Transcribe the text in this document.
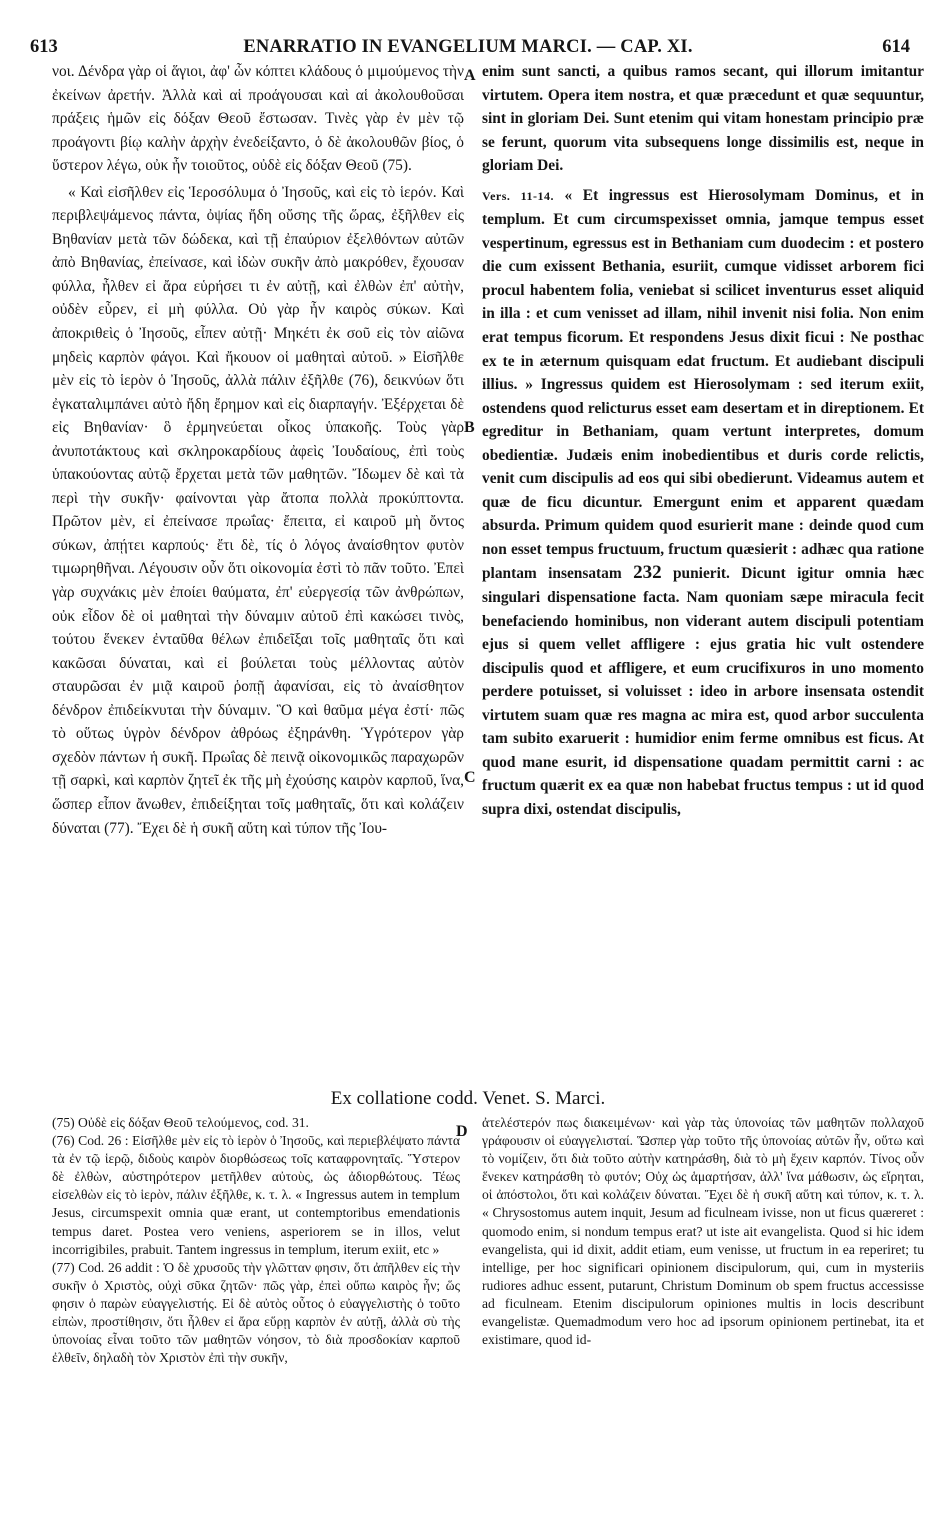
613	ENARRATIO IN EVANGELIUM MARCI. — CAP. XI.	614

νοι. Δένδρα γὰρ οἱ ἅγιοι, ἀφ' ὧν κόπτει κλάδους ὁ μιμούμενος τὴν ἐκείνων ἀρετήν. Ἀλλὰ καὶ αἱ προάγουσαι καὶ αἱ ἀκολουθοῦσαι πράξεις ἡμῶν εἰς δόξαν Θεοῦ ἔστωσαν. Τινὲς γὰρ ἐν μὲν τῷ προάγοντι βίῳ καλὴν ἀρχὴν ἐνεδείξαντο, ὁ δὲ ἀκολουθῶν βίος, ὁ ὕστερον λέγω, οὐκ ἦν τοιοῦτος, οὐδὲ εἰς δόξαν Θεοῦ (75).

« Καὶ εἰσῆλθεν εἰς Ἱεροσόλυμα ὁ Ἰησοῦς, καὶ εἰς τὸ ἱερόν. Καὶ περιβλεψάμενος πάντα, ὀψίας ἤδη οὔσης τῆς ὥρας, ἐξῆλθεν εἰς Βηθανίαν μετὰ τῶν δώδεκα, καὶ τῇ ἐπαύριον ἐξελθόντων αὐτῶν ἀπὸ Βηθανίας, ἐπείνασε, καὶ ἰδὼν συκῆν ἀπὸ μακρόθεν, ἔχουσαν φύλλα, ἦλθεν εἰ ἄρα εὑρήσει τι ἐν αὐτῇ, καὶ ἐλθὼν ἐπ' αὐτὴν, οὐδὲν εὗρεν, εἰ μὴ φύλλα. Οὐ γὰρ ἦν καιρὸς σύκων. Καὶ ἀποκριθεὶς ὁ Ἰησοῦς, εἶπεν αὐτῇ· Μηκέτι ἐκ σοῦ εἰς τὸν αἰῶνα μηδεὶς καρπὸν φάγοι. Καὶ ἤκουον οἱ μαθηταὶ αὐτοῦ. » Εἰσῆλθε μὲν εἰς τὸ ἱερὸν ὁ Ἰησοῦς, ἀλλὰ πάλιν ἐξῆλθε (76), δεικνύων ὅτι ἐγκαταλιμπάνει αὐτὸ ἤδη ἔρημον καὶ εἰς διαρπαγήν. Ἐξέρχεται δὲ εἰς Βηθανίαν· ὃ ἑρμηνεύεται οἶκος ὑπακοῆς. Τοὺς γὰρ ἀνυποτάκτους καὶ σκληροκαρδίους ἀφεὶς Ἰουδαίους, ἐπὶ τοὺς ὑπακούοντας αὐτῷ ἔρχεται μετὰ τῶν μαθητῶν. Ἴδωμεν δὲ καὶ τὰ περὶ τὴν συκῆν· φαίνονται γὰρ ἄτοπα πολλὰ προκύπτοντα. Πρῶτον μὲν, εἰ ἐπείνασε πρωΐας· ἔπειτα, εἰ καιροῦ μὴ ὄντος σύκων, ἀπῄτει καρπούς· ἔτι δὲ, τίς ὁ λόγος ἀναίσθητον φυτὸν τιμωρηθῆναι. Λέγουσιν οὖν ὅτι οἰκονομία ἐστὶ τὸ πᾶν τοῦτο. Ἐπεὶ γὰρ συχνάκις μὲν ἐποίει θαύματα, ἐπ' εὐεργεσίᾳ τῶν ἀνθρώπων, οὐκ εἶδον δὲ οἱ μαθηταὶ τὴν δύναμιν αὐτοῦ ἐπὶ κακώσει τινὸς, τούτου ἕνεκεν ἐνταῦθα θέλων ἐπιδεῖξαι τοῖς μαθηταῖς ὅτι καὶ κακῶσαι δύναται, καὶ εἰ βούλεται τοὺς μέλλοντας αὐτὸν σταυρῶσαι ἐν μιᾷ καιροῦ ῥοπῇ ἀφανίσαι, εἰς τὸ ἀναίσθητον δένδρον ἐπιδείκνυται τὴν δύναμιν. Ὃ καὶ θαῦμα μέγα ἐστί· πῶς τὸ οὕτως ὑγρὸν δένδρον ἀθρόως ἐξηράνθη. Ὑγρότερον γὰρ σχεδὸν πάντων ἡ συκῆ. Πρωΐας δὲ πεινᾷ οἰκονομικῶς παραχωρῶν τῇ σαρκὶ, καὶ καρπὸν ζητεῖ ἐκ τῆς μὴ ἐχούσης καιρὸν καρποῦ, ἵνα, ὥσπερ εἶπον ἄνωθεν, ἐπιδείξηται τοῖς μαθηταῖς, ὅτι καὶ κολάζειν δύναται (77). Ἔχει δὲ ἡ συκῆ αὕτη καὶ τύπον τῆς Ἰου-

enim sunt sancti, a quibus ramos secant, qui illorum imitantur virtutem. Opera item nostra, et quæ præcedunt et quæ sequuntur, sint in gloriam Dei. Sunt etenim qui vitam honestam principio præ se ferunt, quorum vita subsequens longe dissimilis est, neque in gloriam Dei.

Vers. 11-14. « Et ingressus est Hierosolymam Dominus, et in templum. Et cum circumspexisset omnia, jamque tempus esset vespertinum, egressus est in Bethaniam cum duodecim : et postero die cum exissent Bethania, esuriit, cumque vidisset arborem fici procul habentem folia, veniebat si scilicet inventurus esset aliquid in illa : et cum venisset ad illam, nihil invenit nisi folia. Non enim erat tempus ficorum. Et respondens Jesus dixit ficui : Ne posthac ex te in æternum quisquam edat fructum. Et audiebant discipuli illius. » Ingressus quidem est Hierosolymam : sed iterum exiit, ostendens quod relicturus esset eam desertam et in direptionem. Et egreditur in Bethaniam, quam vertunt interpretes, domum obedientiæ. Judæis enim inobedientibus et duris corde relictis, venit cum discipulis ad eos qui sibi obedierunt. Videamus autem et quæ de ficu dicuntur. Emergunt enim et apparent quædam absurda. Primum quidem quod esurierit mane : deinde quod cum non esset tempus fructuum, fructum quæsierit : adhæc qua ratione plantam insensatam 232 punierit. Dicunt igitur omnia hæc singulari dispensatione facta. Nam quoniam sæpe miracula fecit benefaciendo hominibus, non viderant autem discipuli potentiam ejus si quem vellet affligere : ejus gratia hic vult ostendere discipulis quod et affligere, et eum crucifixuros in uno momento perdere potuisset, si voluisset : ideo in arbore insensata ostendit virtutem suam quæ res magna ac mira est, quod arbor succulenta tam subito exaruerit : humidior enim ferme omnibus est ficus. At quod mane esurit, id dispensatione quadam permittit carni : ac fructum quærit ex ea quæ non habebat fructus tempus : ut id quod supra dixi, ostendat discipulis,

A
B
C
D
Ex collatione codd. Venet. S. Marci.

(75) Οὐδὲ εἰς δόξαν Θεοῦ τελούμενος, cod. 31.

(76) Cod. 26 : Εἰσῆλθε μὲν εἰς τὸ ἱερὸν ὁ Ἰησοῦς, καὶ περιεβλέψατο πάντα τὰ ἐν τῷ ἱερῷ, διδοὺς καιρὸν διορθώσεως τοῖς καταφρονηταῖς. Ὕστερον δὲ ἐλθὼν, αὐστηρότερον μετῆλθεν αὐτοὺς, ὡς ἀδιορθώτους. Τέως εἰσελθὼν εἰς τὸ ἱερὸν, πάλιν ἐξῆλθε, κ. τ. λ. « Ingressus autem in templum Jesus, circumspexit omnia quæ erant, ut contemptoribus emendationis tempus daret. Postea vero veniens, asperiorem se in illos, velut incorrigibiles, prabuit. Tantem ingressus in templum, iterum exiit, etc »

(77) Cod. 26 addit : Ὁ δὲ χρυσοῦς τὴν γλῶτταν φησιν, ὅτι ἀπῆλθεν εἰς τὴν συκῆν ὁ Χριστὸς, οὐχὶ σῦκα ζητῶν· πῶς γὰρ, ἐπεὶ οὔπω καιρὸς ἦν; ὥς φησιν ὁ παρὼν εὐαγγελιστής. Εἰ δὲ αὐτὸς οὗτος ὁ εὐαγγελιστὴς ὁ τοῦτο εἰπὼν, προστίθησιν, ὅτι ἦλθεν εἰ ἄρα εὕρῃ καρπὸν ἐν αὐτῇ, ἀλλὰ σὺ τὴς ὑπονοίας εἶναι τοῦτο τῶν μαθητῶν νόησον, τὸ διὰ προσδοκίαν καρποῦ ἐλθεῖν, δηλαδὴ τὸν Χριστὸν ἐπὶ τὴν συκῆν,

ἀτελέστερόν πως διακειμένων· καὶ γὰρ τὰς ὑπονοίας τῶν μαθητῶν πολλαχοῦ γράφουσιν οἱ εὐαγγελισταί. Ὥσπερ γὰρ τοῦτο τῆς ὑπονοίας αὐτῶν ἦν, οὕτω καὶ τὸ νομίζειν, ὅτι διὰ τοῦτο αὐτὴν κατηράσθη, διὰ τὸ μὴ ἔχειν καρπόν. Τίνος οὖν ἕνεκεν κατηράσθη τὸ φυτόν; Οὐχ ὡς ἁμαρτήσαν, ἀλλ' ἵνα μάθωσιν, ὡς εἴρηται, οἱ ἀπόστολοι, ὅτι καὶ κολάζειν δύναται. Ἔχει δὲ ἡ συκῆ αὕτη καὶ τύπον, κ. τ. λ. « Chrysostomus autem inquit, Jesum ad ficulneam ivisse, non ut ficus quæreret : quomodo enim, si nondum tempus erat? ut iste ait evangelista. Quod si hic idem evangelista, qui id dixit, addit etiam, eum venisse, ut fructum in ea reperiret; tu intellige, per hoc significari opinionem discipulorum, qui, cum in mysteriis rudiores adhuc essent, putarunt, Christum Dominum ob spem fructus accessisse ad ficulneam. Etenim discipulorum opiniones multis in locis describunt evangelistæ. Quemadmodum vero hoc ad ipsorum opinionem pertinebat, ita et existimare, quod id-
